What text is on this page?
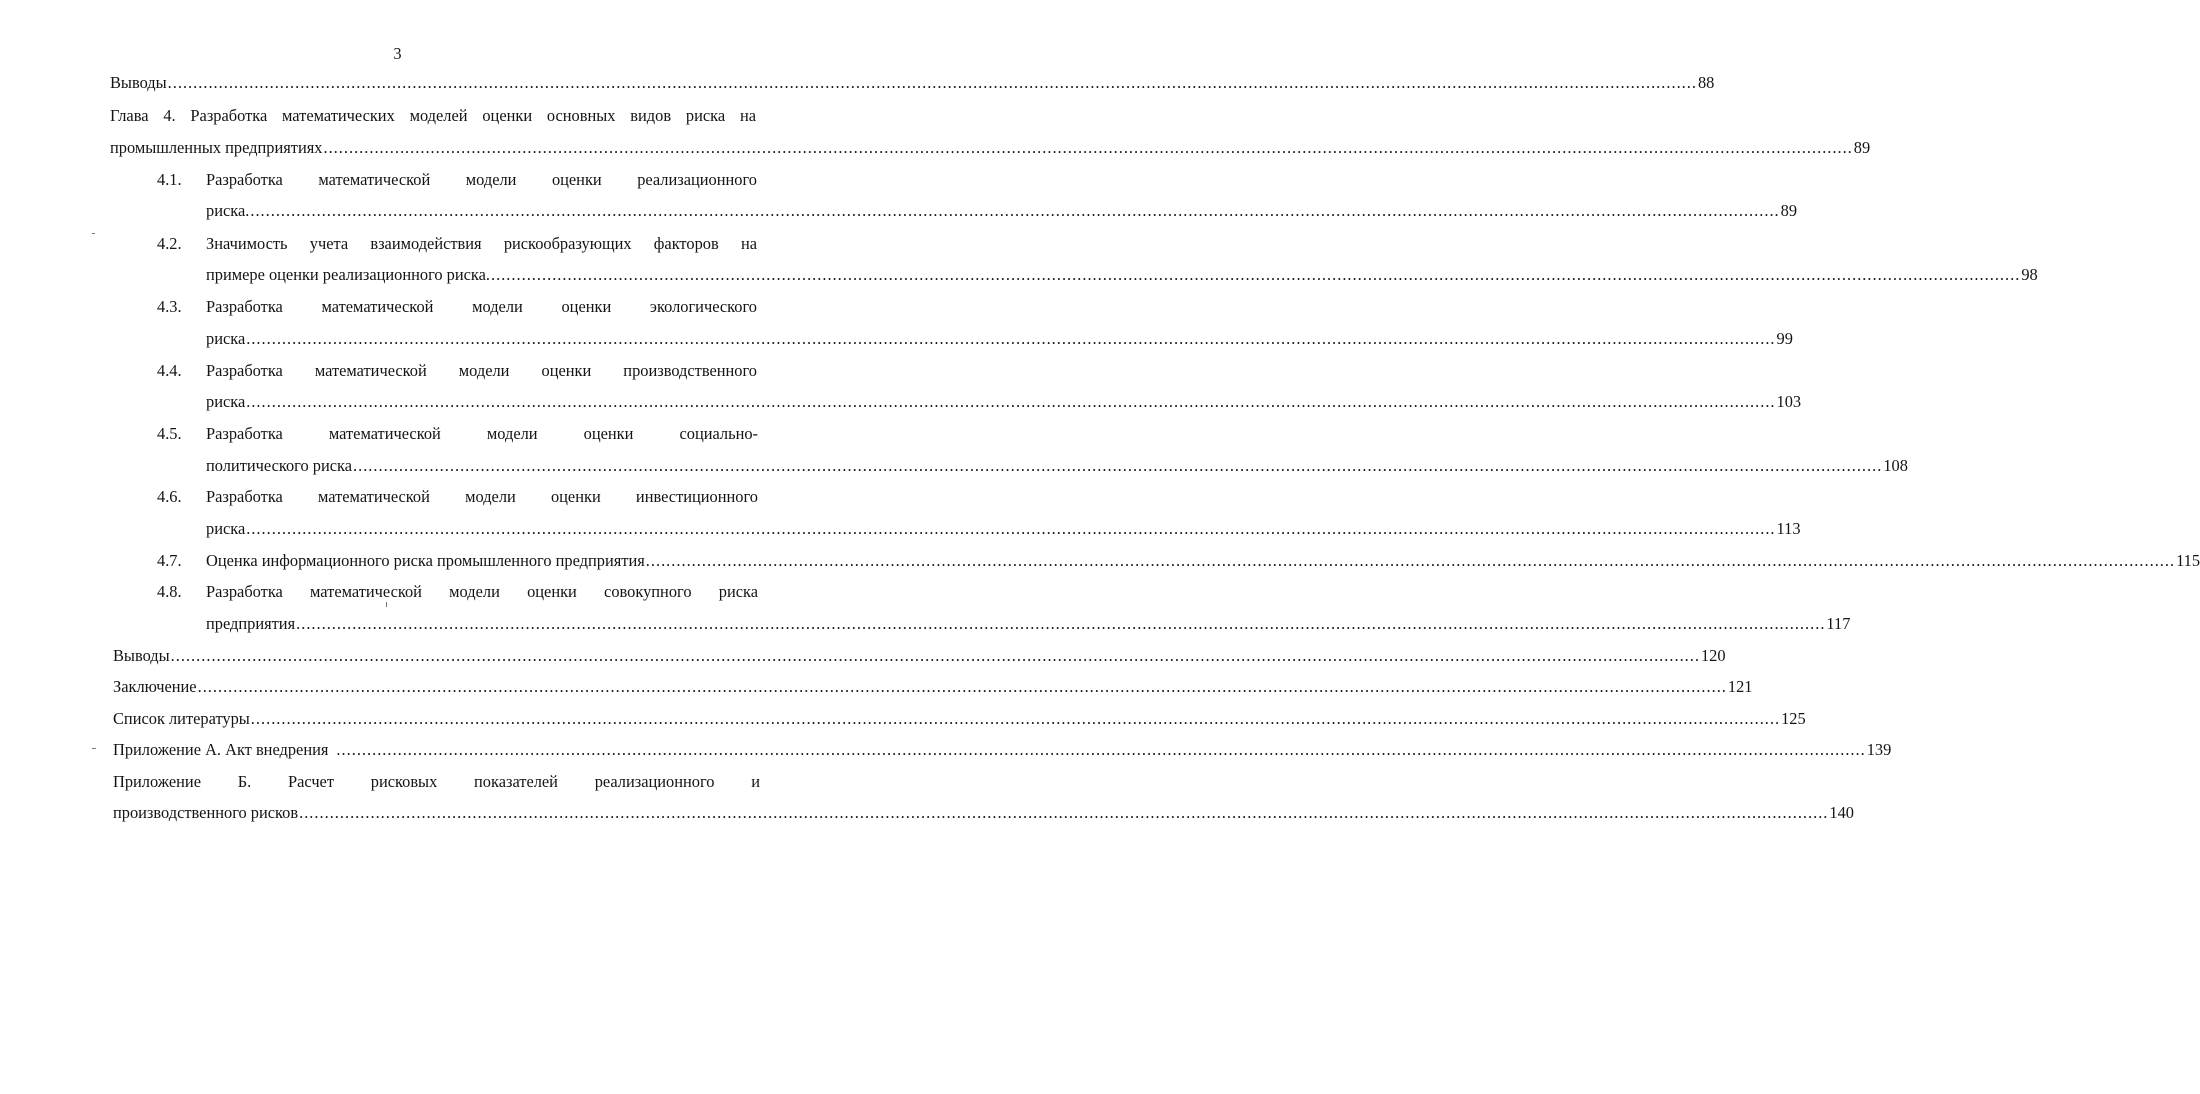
3
Выводы ............................................................................................................................................................................................................................................................................................................ 88
Глава 4. Разработка математических моделей оценки основных видов риска на
промышленных предприятиях ............................................................................................................................................................................................................................................................................................................ 89
4.1. Разработка математической модели оценки реализационного
риска. ............................................................................................................................................................................................................................................................................................................ 89
4.2. Значимость учета взаимодействия рискообразующих факторов на
примере оценки реализационного риска. ............................................................................................................................................................................................................................................................................................................ 98
4.3. Разработка математической модели оценки экологического
риска ............................................................................................................................................................................................................................................................................................................ 99
4.4. Разработка математической модели оценки производственного
риска ............................................................................................................................................................................................................................................................................................................ 103
4.5. Разработка математической модели оценки социально-
политического риска ............................................................................................................................................................................................................................................................................................................ 108
4.6. Разработка математической модели оценки инвестиционного
риска ............................................................................................................................................................................................................................................................................................................ 113
4.7. Оценка информационного риска промышленного предприятия ............................................................................................................................................................................................................................................................................................................ 115
4.8. Разработка математической модели оценки совокупного риска
предприятия ............................................................................................................................................................................................................................................................................................................ 117
Выводы ............................................................................................................................................................................................................................................................................................................ 120
Заключение ............................................................................................................................................................................................................................................................................................................ 121
Список литературы ............................................................................................................................................................................................................................................................................................................ 125
Приложение А. Акт внедрения ............................................................................................................................................................................................................................................................................................................ 139
Приложение Б. Расчет рисковых показателей реализационного и
производственного рисков ............................................................................................................................................................................................................................................................................................................ 140
